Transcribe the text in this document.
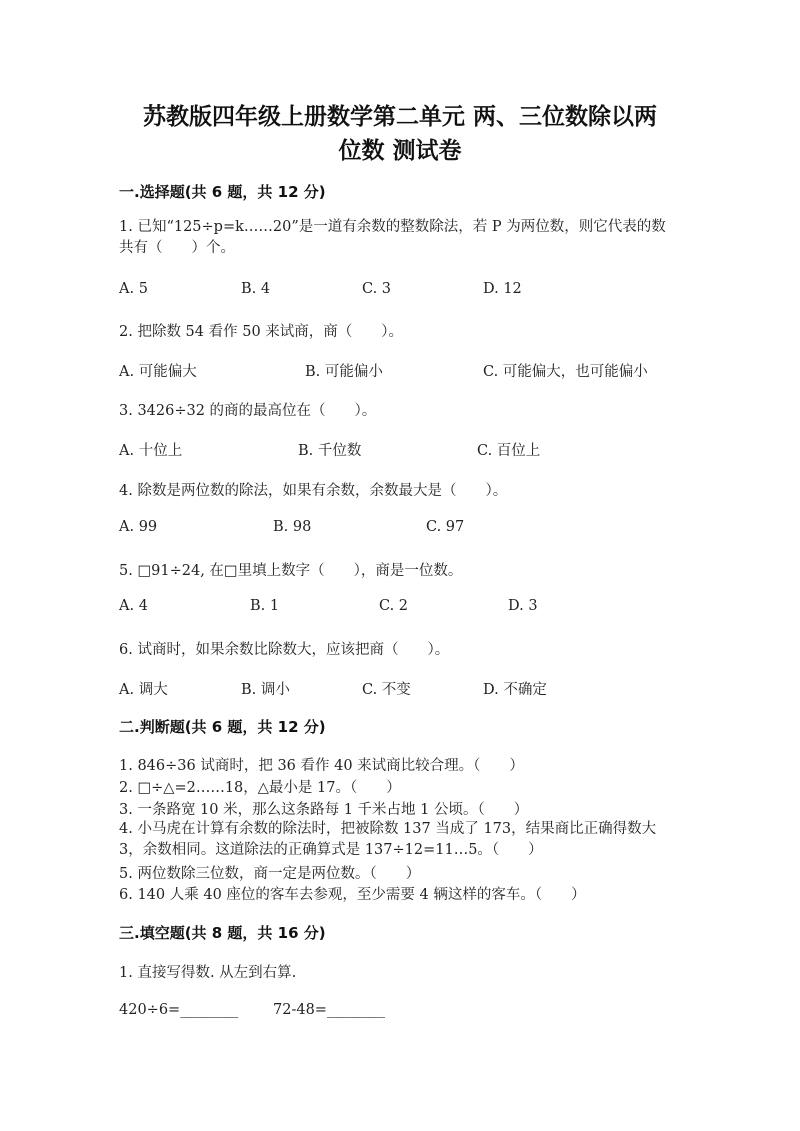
苏教版四年级上册数学第二单元 两、三位数除以两
位数 测试卷
一.选择题(共 6 题，共 12 分)
1. 已知“125÷p=k……20”是一道有余数的整数除法，若 P 为两位数，则它代表的数共有（　　）个。
A. 5	B. 4	C. 3	D. 12
2. 把除数 54 看作 50 来试商，商（　　）。
A. 可能偏大	B. 可能偏小	C. 可能偏大，也可能偏小
3. 3426÷32 的商的最高位在（　　）。
A. 十位上	B. 千位数	C. 百位上
4. 除数是两位数的除法，如果有余数，余数最大是（　　）。
A. 99	B. 98	C. 97
5. □91÷24, 在□里填上数字（　　），商是一位数。
A. 4	B. 1	C. 2	D. 3
6. 试商时，如果余数比除数大，应该把商（　　）。
A. 调大	B. 调小	C. 不变	D. 不确定
二.判断题(共 6 题，共 12 分)
1. 846÷36 试商时，把 36 看作 40 来试商比较合理。（　　）
2. □÷△=2……18，△最小是 17。（　　）
3. 一条路宽 10 米，那么这条路每 1 千米占地 1 公顷。（　　）
4. 小马虎在计算有余数的除法时，把被除数 137 当成了 173，结果商比正确得数大 3，余数相同。这道除法的正确算式是 137÷12=11…5。（　　）
5. 两位数除三位数，商一定是两位数。（　　）
6. 140 人乘 40 座位的客车去参观，至少需要 4 辆这样的客车。（　　）
三.填空题(共 8 题，共 16 分)
1. 直接写得数. 从左到右算.
420÷6=________ 72-48=________
